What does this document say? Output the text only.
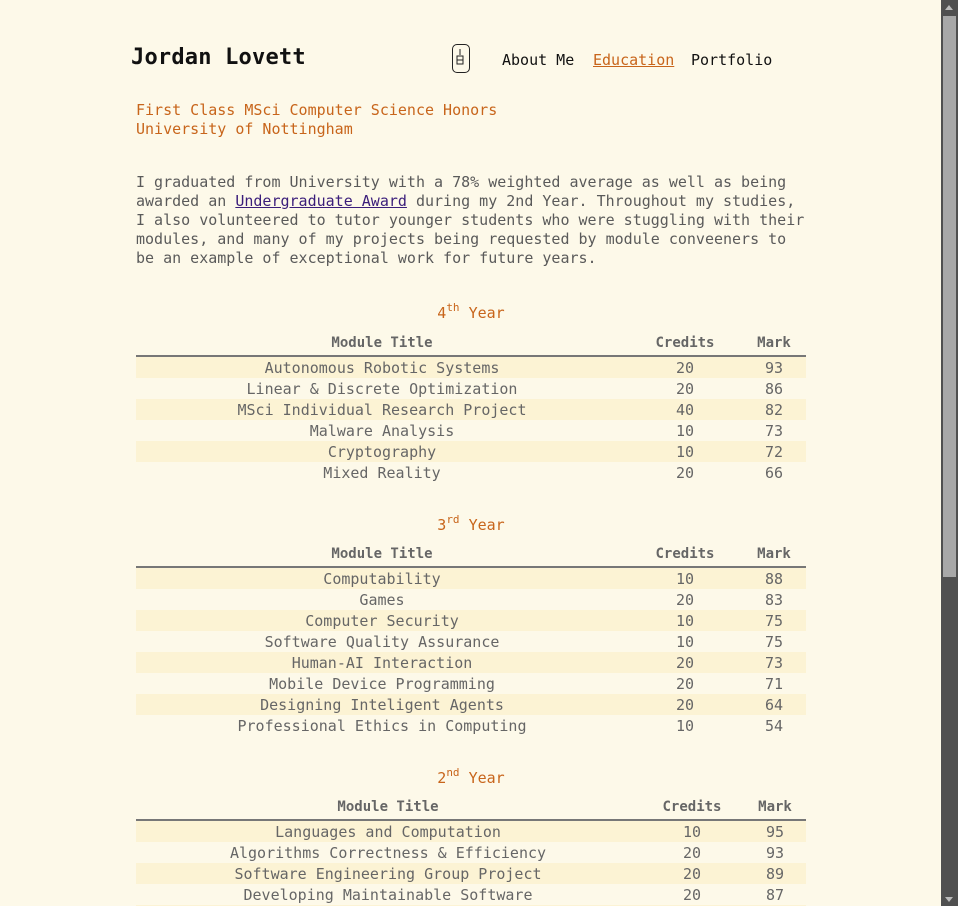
Jordan Lovett	About Me Education Portfolio
First Class MSci Computer Science Honors
University of Nottingham

I graduated from University with a 78% weighted average as well as being awarded an Undergraduate Award during my 2nd Year. Throughout my studies, I also volunteered to tutor younger students who were stuggling with their modules, and many of my projects being requested by module conveeners to be an example of exceptional work for future years.

4th Year
Module Title	Credits	Mark
Autonomous Robotic Systems	20	93
Linear & Discrete Optimization	20	86
MSci Individual Research Project	40	82
Malware Analysis	10	73
Cryptography	10	72
Mixed Reality	20	66
3rd Year
Module Title	Credits	Mark
Computability	10	88
Games	20	83
Computer Security	10	75
Software Quality Assurance	10	75
Human-AI Interaction	20	73
Mobile Device Programming	20	71
Designing Inteligent Agents	20	64
Professional Ethics in Computing	10	54
2nd Year
Module Title	Credits	Mark
Languages and Computation	10	95
Algorithms Correctness & Efficiency	20	93
Software Engineering Group Project	20	89
Developing Maintainable Software	20	87
